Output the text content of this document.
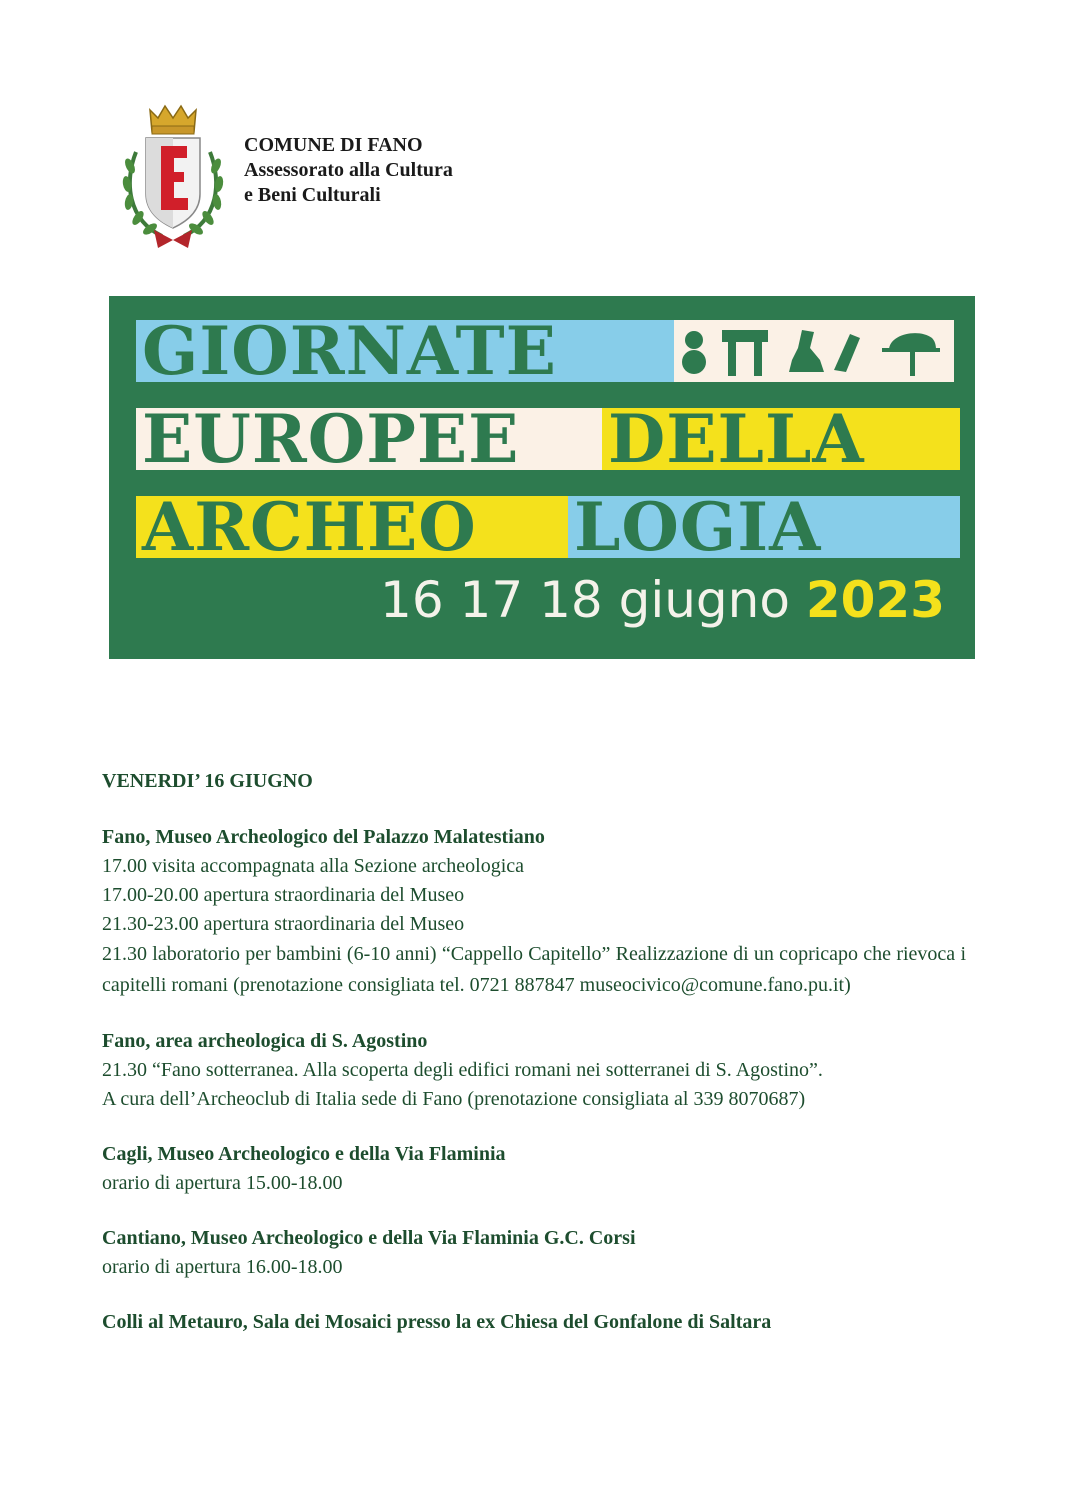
COMUNE DI FANO
Assessorato alla Cultura
e Beni Culturali
GIORNATE
EUROPEE	DELLA
ARCHEO	LOGIA
16 17 18 giugno 2023
VENERDI’ 16 GIUGNO
Fano, Museo Archeologico del Palazzo Malatestiano

17.00 visita accompagnata alla Sezione archeologica

17.00-20.00 apertura straordinaria del Museo

21.30-23.00 apertura straordinaria del Museo

21.30 laboratorio per bambini (6-10 anni) “Cappello Capitello” Realizzazione di un copricapo che rievoca i capitelli romani (prenotazione consigliata tel. 0721 887847 museocivico@comune.fano.pu.it)

Fano, area archeologica di S. Agostino

21.30 “Fano sotterranea. Alla scoperta degli edifici romani nei sotterranei di S. Agostino”.

A cura dell’Archeoclub di Italia sede di Fano (prenotazione consigliata al 339 8070687)

Cagli, Museo Archeologico e della Via Flaminia

orario di apertura 15.00-18.00

Cantiano, Museo Archeologico e della Via Flaminia G.C. Corsi

orario di apertura 16.00-18.00

Colli al Metauro, Sala dei Mosaici presso la ex Chiesa del Gonfalone di Saltara
